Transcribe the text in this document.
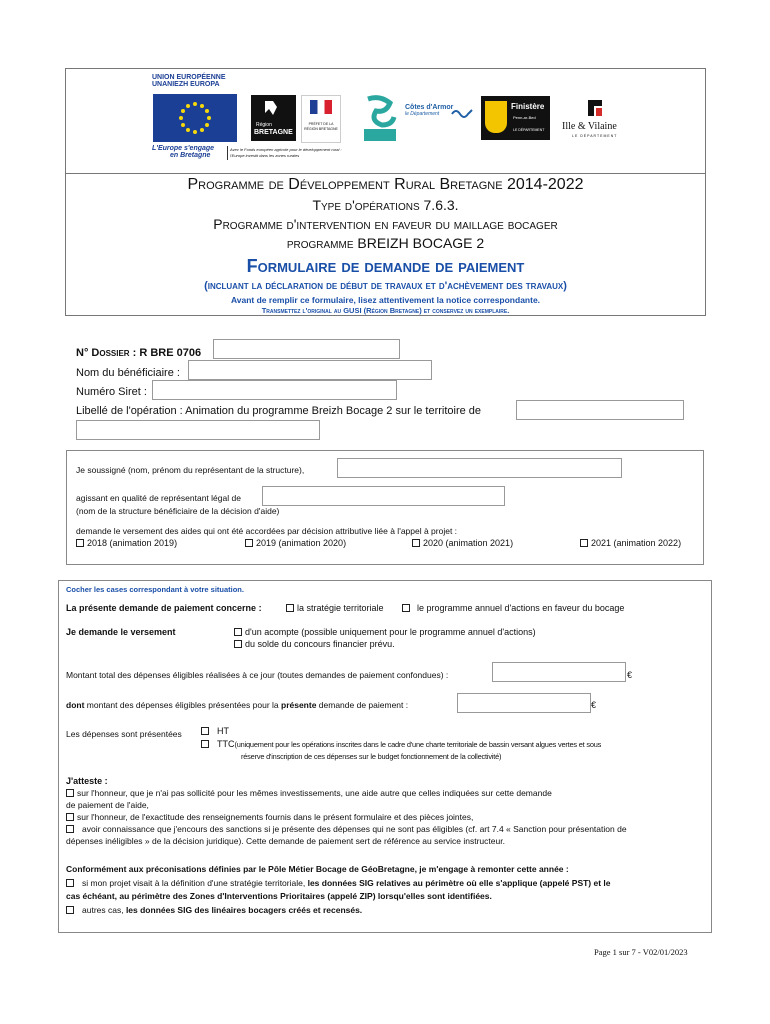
UNION EUROPÉENNE
UNANIEZH EUROPA
L'Europe s'engage
en Bretagne
Avec le Fonds européen agricole pour le développement rural :
l'Europe investit dans les zones rurales
Région
BRETAGNE
PRÉFET DE LA RÉGION BRETAGNE
Côtes d'Armor
le Département
Finistère
Penn-ar-Bed
LE DÉPARTEMENT Ille & Vilaine
LE DÉPARTEMENT
Programme de Développement Rural Bretagne 2014-2022
Type d'opérations 7.6.3.
Programme d'intervention en faveur du maillage bocager
programme BREIZH BOCAGE 2
Formulaire de demande de paiement
(incluant la déclaration de début de travaux et d'achèvement des travaux)
Avant de remplir ce formulaire, lisez attentivement la notice correspondante.
Transmettez l'original au GUSI (Région Bretagne) et conservez un exemplaire.
N° Dossier : R BRE 0706
Nom du bénéficiaire :
Numéro Siret :
Libellé de l'opération : Animation du programme Breizh Bocage 2 sur le territoire de
Je soussigné (nom, prénom du représentant de la structure),
agissant en qualité de représentant légal de
(nom de la structure bénéficiaire de la décision d'aide)
demande le versement des aides qui ont été accordées par décision attributive liée à l'appel à projet :
2018 (animation 2019)	2019 (animation 2020)	2020 (animation 2021)	2021 (animation 2022)
Cocher les cases correspondant à votre situation.
La présente demande de paiement concerne :	la stratégie territoriale	le programme annuel d'actions en faveur du bocage
Je demande le versement	d'un acompte (possible uniquement pour le programme annuel d'actions)
du solde du concours financier prévu.
Montant total des dépenses éligibles réalisées à ce jour (toutes demandes de paiement confondues) :	€
dont montant des dépenses éligibles présentées pour la présente demande de paiement :	€
Les dépenses sont présentées	HT
TTC(uniquement pour les opérations inscrites dans le cadre d'une charte territoriale de bassin versant algues vertes et sous
réserve d'inscription de ces dépenses sur le budget fonctionnement de la collectivité)
J'atteste :
sur l'honneur, que je n'ai pas sollicité pour les mêmes investissements, une aide autre que celles indiquées sur cette demande
de paiement de l'aide,
sur l'honneur, de l'exactitude des renseignements fournis dans le présent formulaire et des pièces jointes,
avoir connaissance que j'encours des sanctions si je présente des dépenses qui ne sont pas éligibles (cf. art 7.4 « Sanction pour présentation de
dépenses inéligibles » de la décision juridique). Cette demande de paiement sert de référence au service instructeur.
Conformément aux préconisations définies par le Pôle Métier Bocage de GéoBretagne, je m'engage à remonter cette année :
si mon projet visait à la définition d'une stratégie territoriale, les données SIG relatives au périmètre où elle s'applique (appelé PST) et le
cas échéant, au périmètre des Zones d'Interventions Prioritaires (appelé ZIP) lorsqu'elles sont identifiées.
autres cas, les données SIG des linéaires bocagers créés et recensés.
Page 1 sur 7 - V02/01/2023
